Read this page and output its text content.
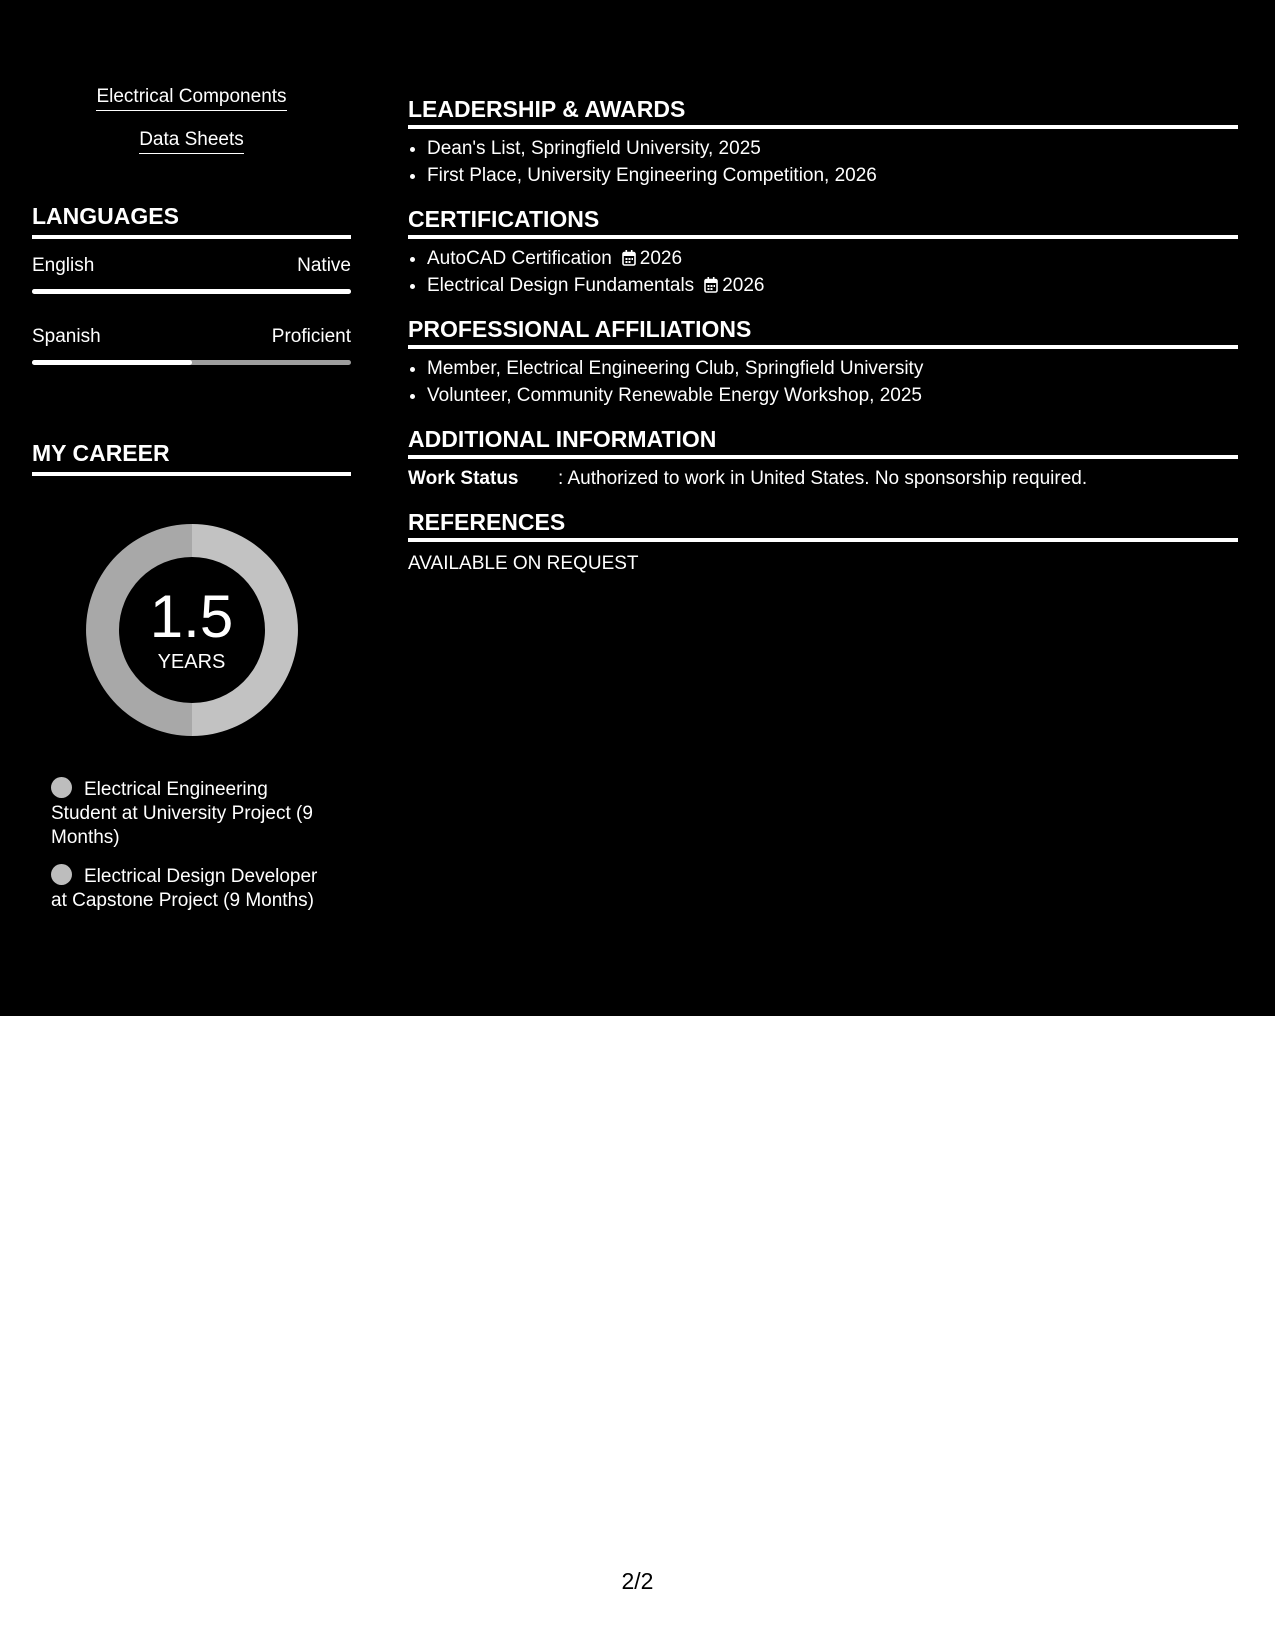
Electrical Components
Data Sheets
LANGUAGES
English	Native
Spanish	Proficient
MY CAREER
1.5
YEARS
Electrical Engineering Student at University Project (9 Months)
Electrical Design Developer at Capstone Project (9 Months)
LEADERSHIP & AWARDS
• Dean's List, Springfield University, 2025
• First Place, University Engineering Competition, 2026
CERTIFICATIONS
• AutoCAD Certification 2026
• Electrical Design Fundamentals 2026
PROFESSIONAL AFFILIATIONS
• Member, Electrical Engineering Club, Springfield University
• Volunteer, Community Renewable Energy Workshop, 2025
ADDITIONAL INFORMATION
Work Status	: Authorized to work in United States. No sponsorship required.
REFERENCES
AVAILABLE ON REQUEST
2/2
